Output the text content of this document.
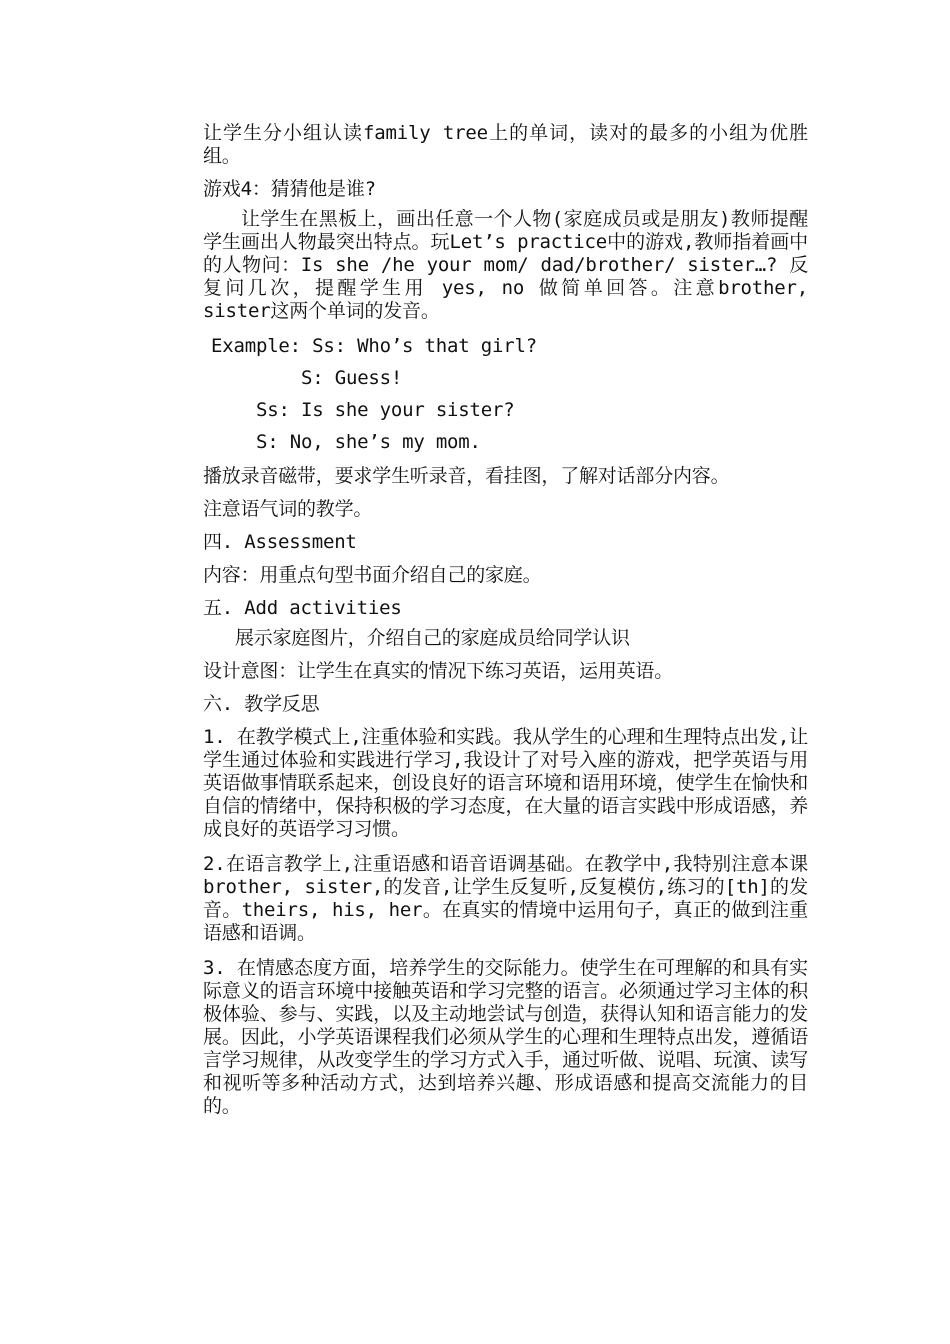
让学生分小组认读family tree上的单词，读对的最多的小组为优胜组。

游戏4：猜猜他是谁?

让学生在黑板上，画出任意一个人物(家庭成员或是朋友)教师提醒学生画出人物最突出特点。玩Let’s practice中的游戏,教师指着画中的人物问：Is she /he your mom/ dad/brother/ sister…? 反复问几次，提醒学生用 yes, no 做简单回答。注意brother, sister这两个单词的发音。

Example: Ss: Who’s that girl?

S: Guess!

Ss: Is she your sister?

S: No, she’s my mom.

播放录音磁带，要求学生听录音，看挂图，了解对话部分内容。

注意语气词的教学。

四. Assessment

内容：用重点句型书面介绍自己的家庭。

五. Add activities

展示家庭图片，介绍自己的家庭成员给同学认识

设计意图：让学生在真实的情况下练习英语，运用英语。

六. 教学反思

1. 在教学模式上,注重体验和实践。我从学生的心理和生理特点出发,让学生通过体验和实践进行学习,我设计了对号入座的游戏，把学英语与用英语做事情联系起来，创设良好的语言环境和语用环境，使学生在愉快和自信的情绪中，保持积极的学习态度，在大量的语言实践中形成语感，养成良好的英语学习习惯。

2.在语言教学上,注重语感和语音语调基础。在教学中,我特别注意本课brother, sister,的发音,让学生反复听,反复模仿,练习的[th]的发音。theirs, his, her。在真实的情境中运用句子，真正的做到注重语感和语调。

3. 在情感态度方面，培养学生的交际能力。使学生在可理解的和具有实际意义的语言环境中接触英语和学习完整的语言。必须通过学习主体的积极体验、参与、实践，以及主动地尝试与创造，获得认知和语言能力的发展。因此，小学英语课程我们必须从学生的心理和生理特点出发，遵循语言学习规律，从改变学生的学习方式入手，通过听做、说唱、玩演、读写和视听等多种活动方式，达到培养兴趣、形成语感和提高交流能力的目的。
